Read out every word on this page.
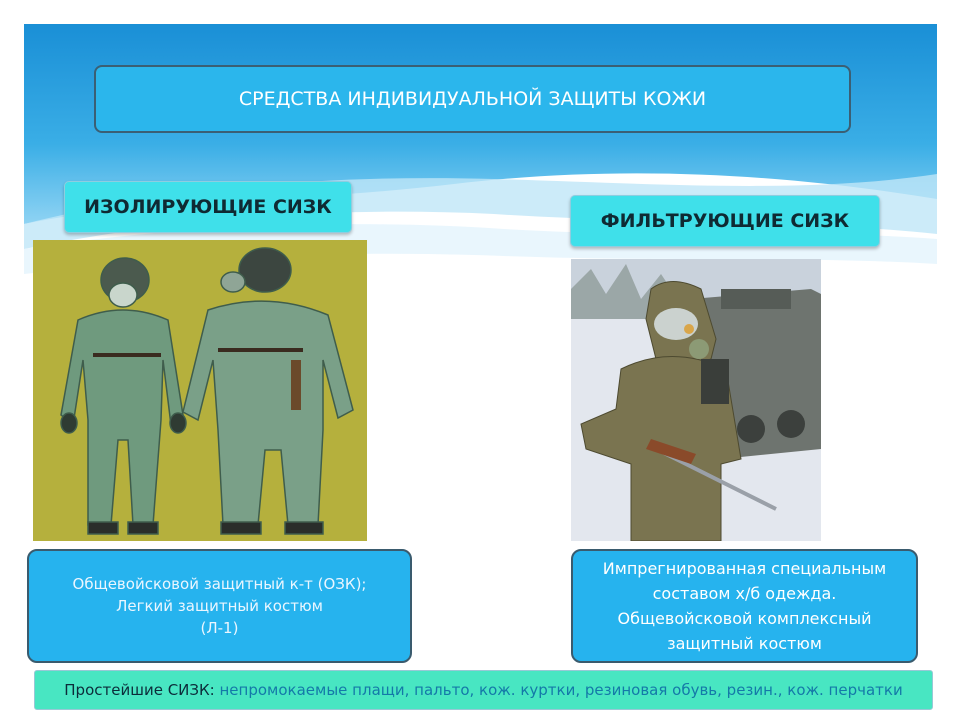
СРЕДСТВА ИНДИВИДУАЛЬНОЙ ЗАЩИТЫ КОЖИ
ИЗОЛИРУЮЩИЕ СИЗК
ФИЛЬТРУЮЩИЕ СИЗК
Общевойсковой защитный к-т (ОЗК);
Легкий защитный костюм
(Л-1)
Импрегнированная специальным
составом х/б одежда.
Общевойсковой комплексный
защитный костюм
Простейшие СИЗК:
непромокаемые плащи, пальто, кож. куртки, резиновая обувь, резин., кож. перчатки
